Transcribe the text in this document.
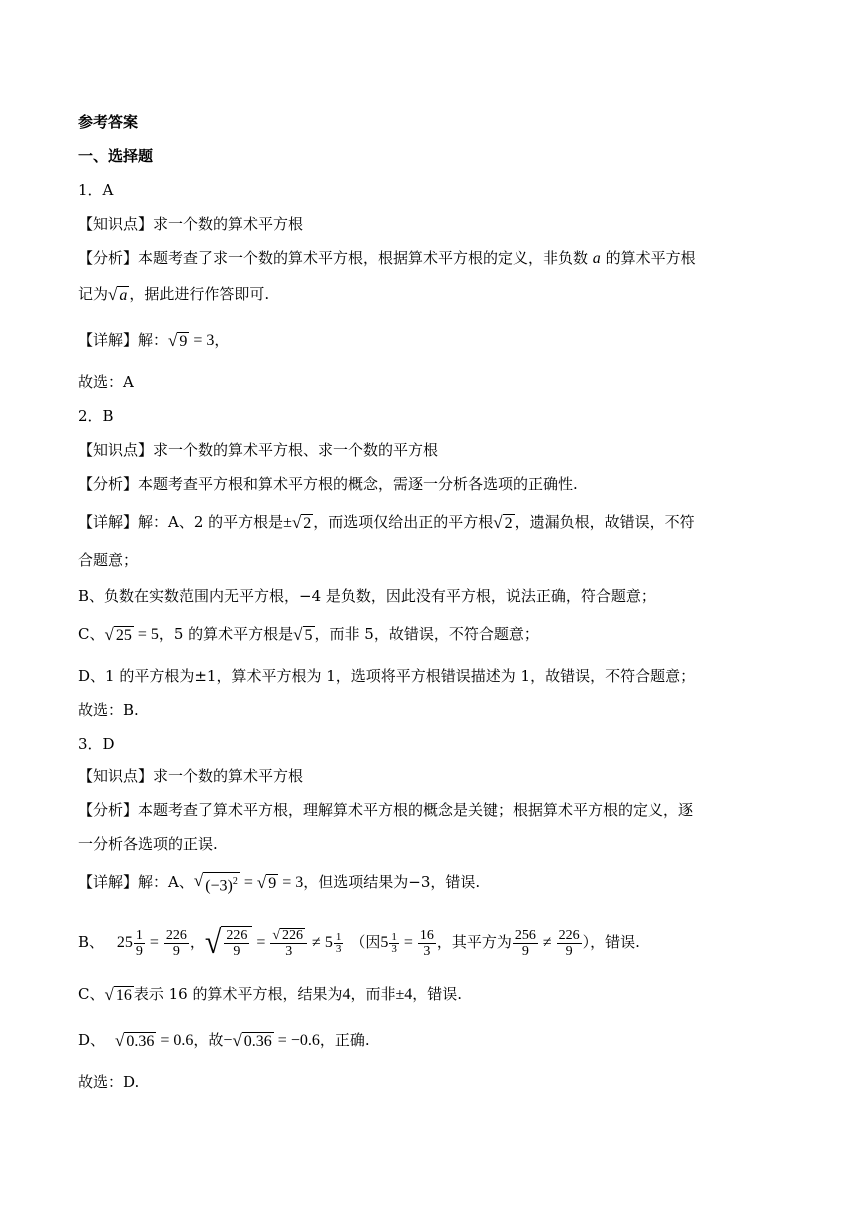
参考答案
一、选择题
1．A
【知识点】求一个数的算术平方根
【分析】本题考查了求一个数的算术平方根，根据算术平方根的定义，非负数 a 的算术平方根
记为 √ a ，据此进行作答即可.
【详解】解： √ 9 = 3，
故选：A
2．B
【知识点】求一个数的算术平方根、求一个数的平方根
【分析】本题考查平方根和算术平方根的概念，需逐一分析各选项的正确性.
【详解】解：A、2 的平方根是± √ 2 ，而选项仅给出正的平方根 √ 2 ，遗漏负根，故错误，不符
合题意；
B、负数在实数范围内无平方根，−4 是负数，因此没有平方根，说法正确，符合题意；
C、 √ 25 = 5，5 的算术平方根是 √ 5 ，而非 5，故错误，不符合题意；
D、1 的平方根为±1，算术平方根为 1，选项将平方根错误描述为 1，故错误，不符合题意；
故选：B.
3．D
【知识点】求一个数的算术平方根
【分析】本题考查了算术平方根，理解算术平方根的概念是关键；根据算术平方根的定义，逐
一分析各选项的正误.
【详解】解：A、 √ $(-3)^2$ = √ 9 = 3，但选项结果为−3，错误.
B、 $25 \frac{1}{9} = \frac{226}{9}$ ， √ $\frac{226}{9} = \frac{√ 226}{3} \ne 5 \frac{1}{3}$ （因$5 \frac{1}{3} = \frac{16}{3}$ ，其平方为 $\frac{256}{9} \ne \frac{226}{9}$ ），错误.
C、 √ 16 表示 16 的算术平方根，结果为4，而非±4，错误.
D、 √ 0.36 = 0.6，故− √ 0.36 = −0.6，正确.
故选：D.
